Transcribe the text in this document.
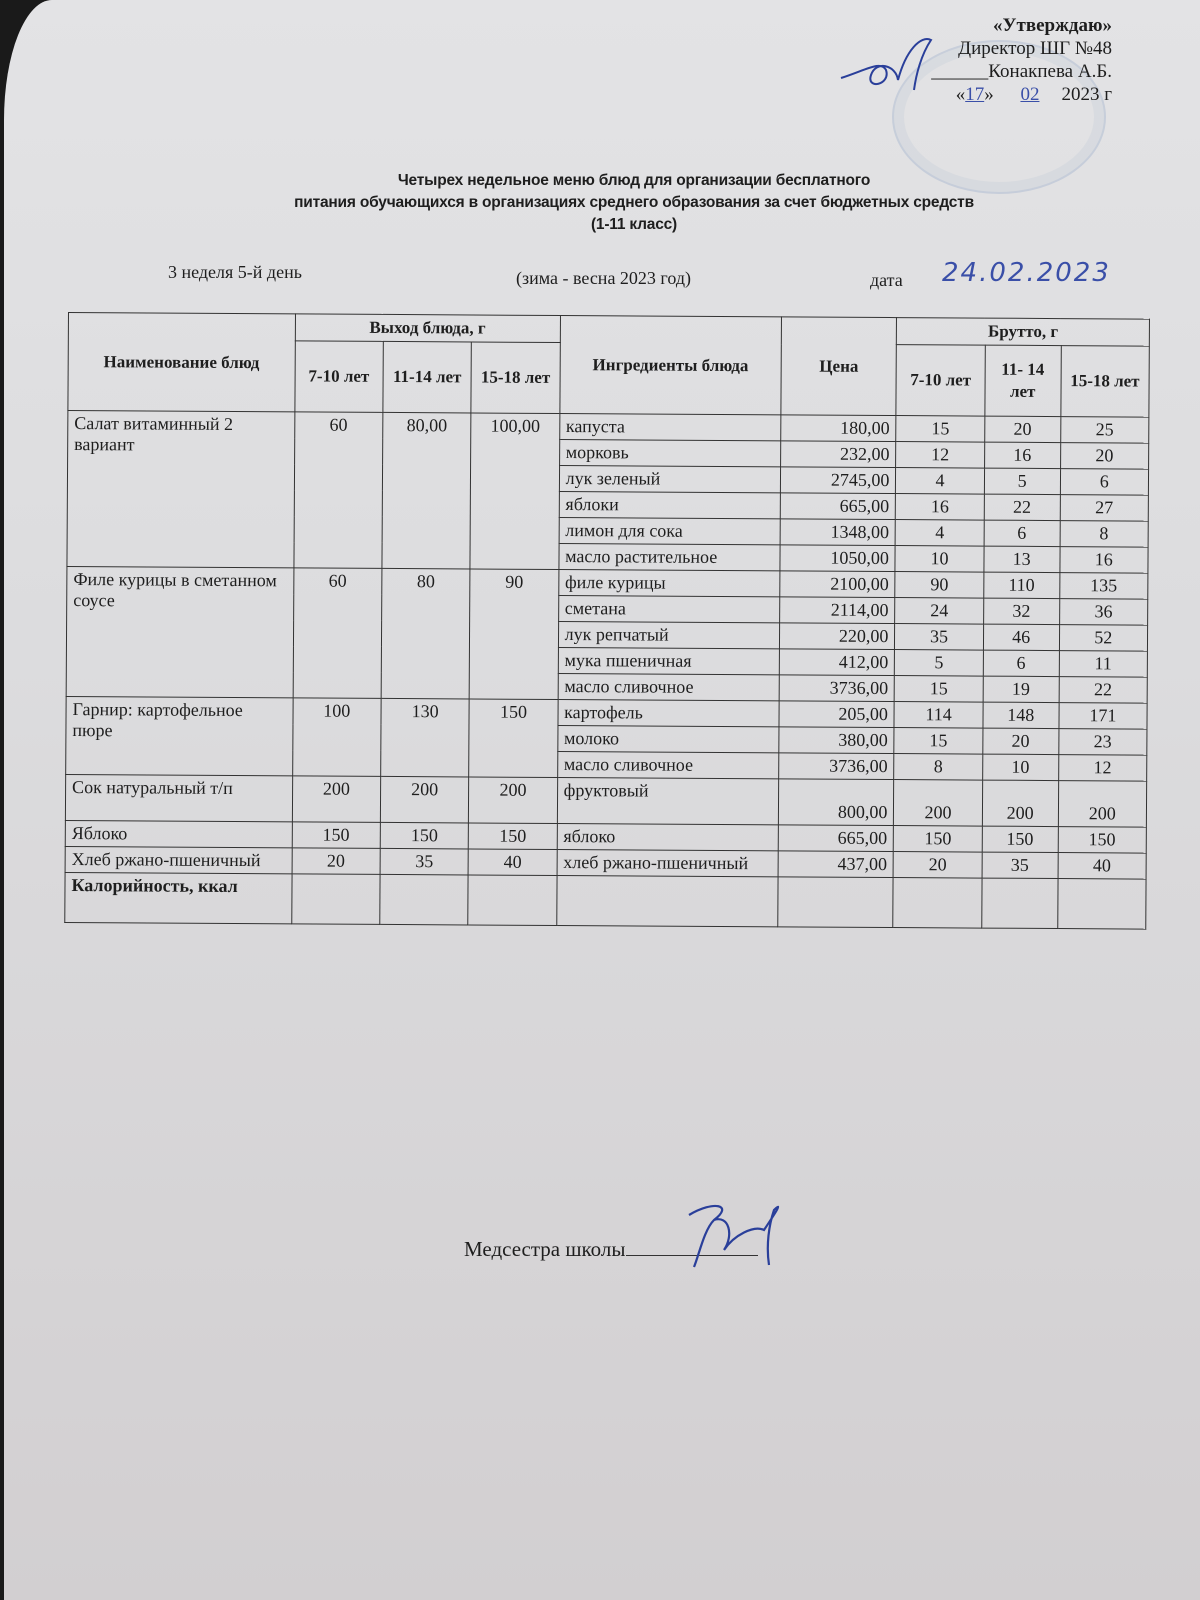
«Утверждаю»
Директор ШГ №48
______Конакпева А.Б.
«17» 02 2023 г
Четырех недельное меню блюд для организации бесплатного
питания обучающихся в организациях среднего образования за счет бюджетных средств
(1-11 класс)
3 неделя 5-й день	(зима - весна 2023 год)	дата 24.02.2023
Наименование блюд	Выход блюда, г			Ингредиенты блюда	Цена	Брутто, г		
	7-10 лет	11-14 лет	15-18 лет			7-10 лет	11- 14 лет	15-18 лет
Салат витаминный 2 вариант	60	80,00	100,00	капуста	180,00	15	20	25
				морковь	232,00	12	16	20
				лук зеленый	2745,00	4	5	6
				яблоки	665,00	16	22	27
				лимон для сока	1348,00	4	6	8
				масло растительное	1050,00	10	13	16
Филе курицы в сметанном соусе	60	80	90	филе курицы	2100,00	90	110	135
				сметана	2114,00	24	32	36
				лук репчатый	220,00	35	46	52
				мука пшеничная	412,00	5	6	11
				масло сливочное	3736,00	15	19	22
Гарнир: картофельное пюре	100	130	150	картофель	205,00	114	148	171
				молоко	380,00	15	20	23
				масло сливочное	3736,00	8	10	12
Сок натуральный т/п	200	200	200	фруктовый	800,00	200	200	200
Яблоко	150	150	150	яблоко	665,00	150	150	150
Хлеб ржано-пшеничный	20	35	40	хлеб ржано-пшеничный	437,00	20	35	40
Калорийность, ккал								
Медсестра школы
